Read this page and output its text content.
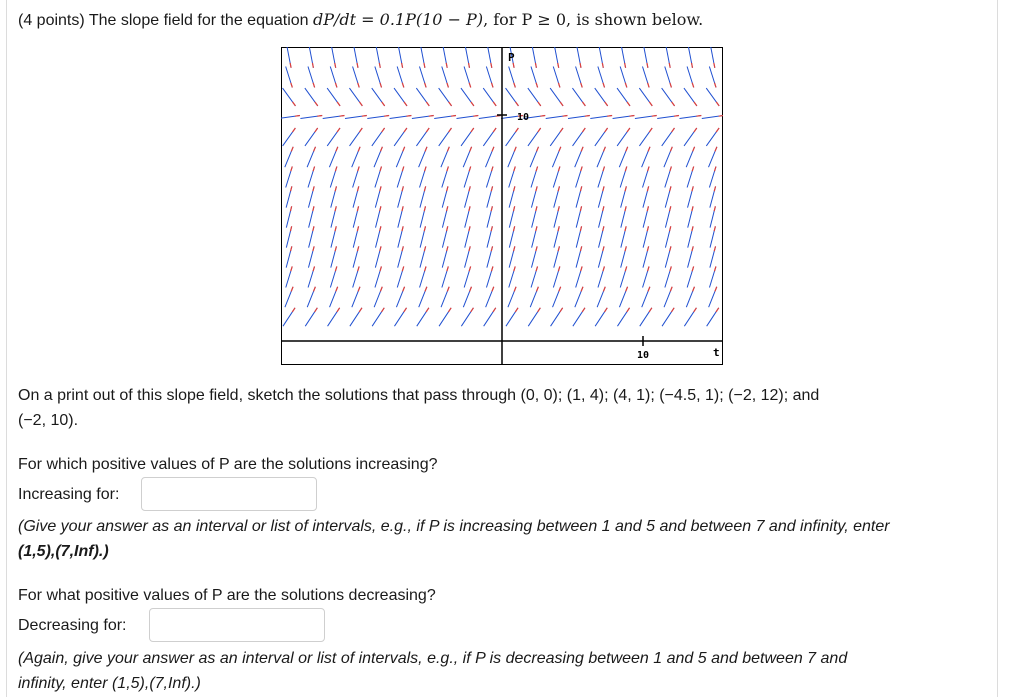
(4 points) The slope field for the equation dP/dt = 0.1P(10 − P), for P ≥ 0, is shown below.
P
t
10
10
On a print out of this slope field, sketch the solutions that pass through (0, 0); (1, 4); (4, 1); (−4.5, 1); (−2, 12); and
(−2, 10).
For which positive values of P are the solutions increasing?
Increasing for:
(Give your answer as an interval or list of intervals, e.g., if P is increasing between 1 and 5 and between 7 and infinity, enter
(1,5),(7,Inf).)
For what positive values of P are the solutions decreasing?
Decreasing for:
(Again, give your answer as an interval or list of intervals, e.g., if P is decreasing between 1 and 5 and between 7 and
infinity, enter (1,5),(7,Inf).)
